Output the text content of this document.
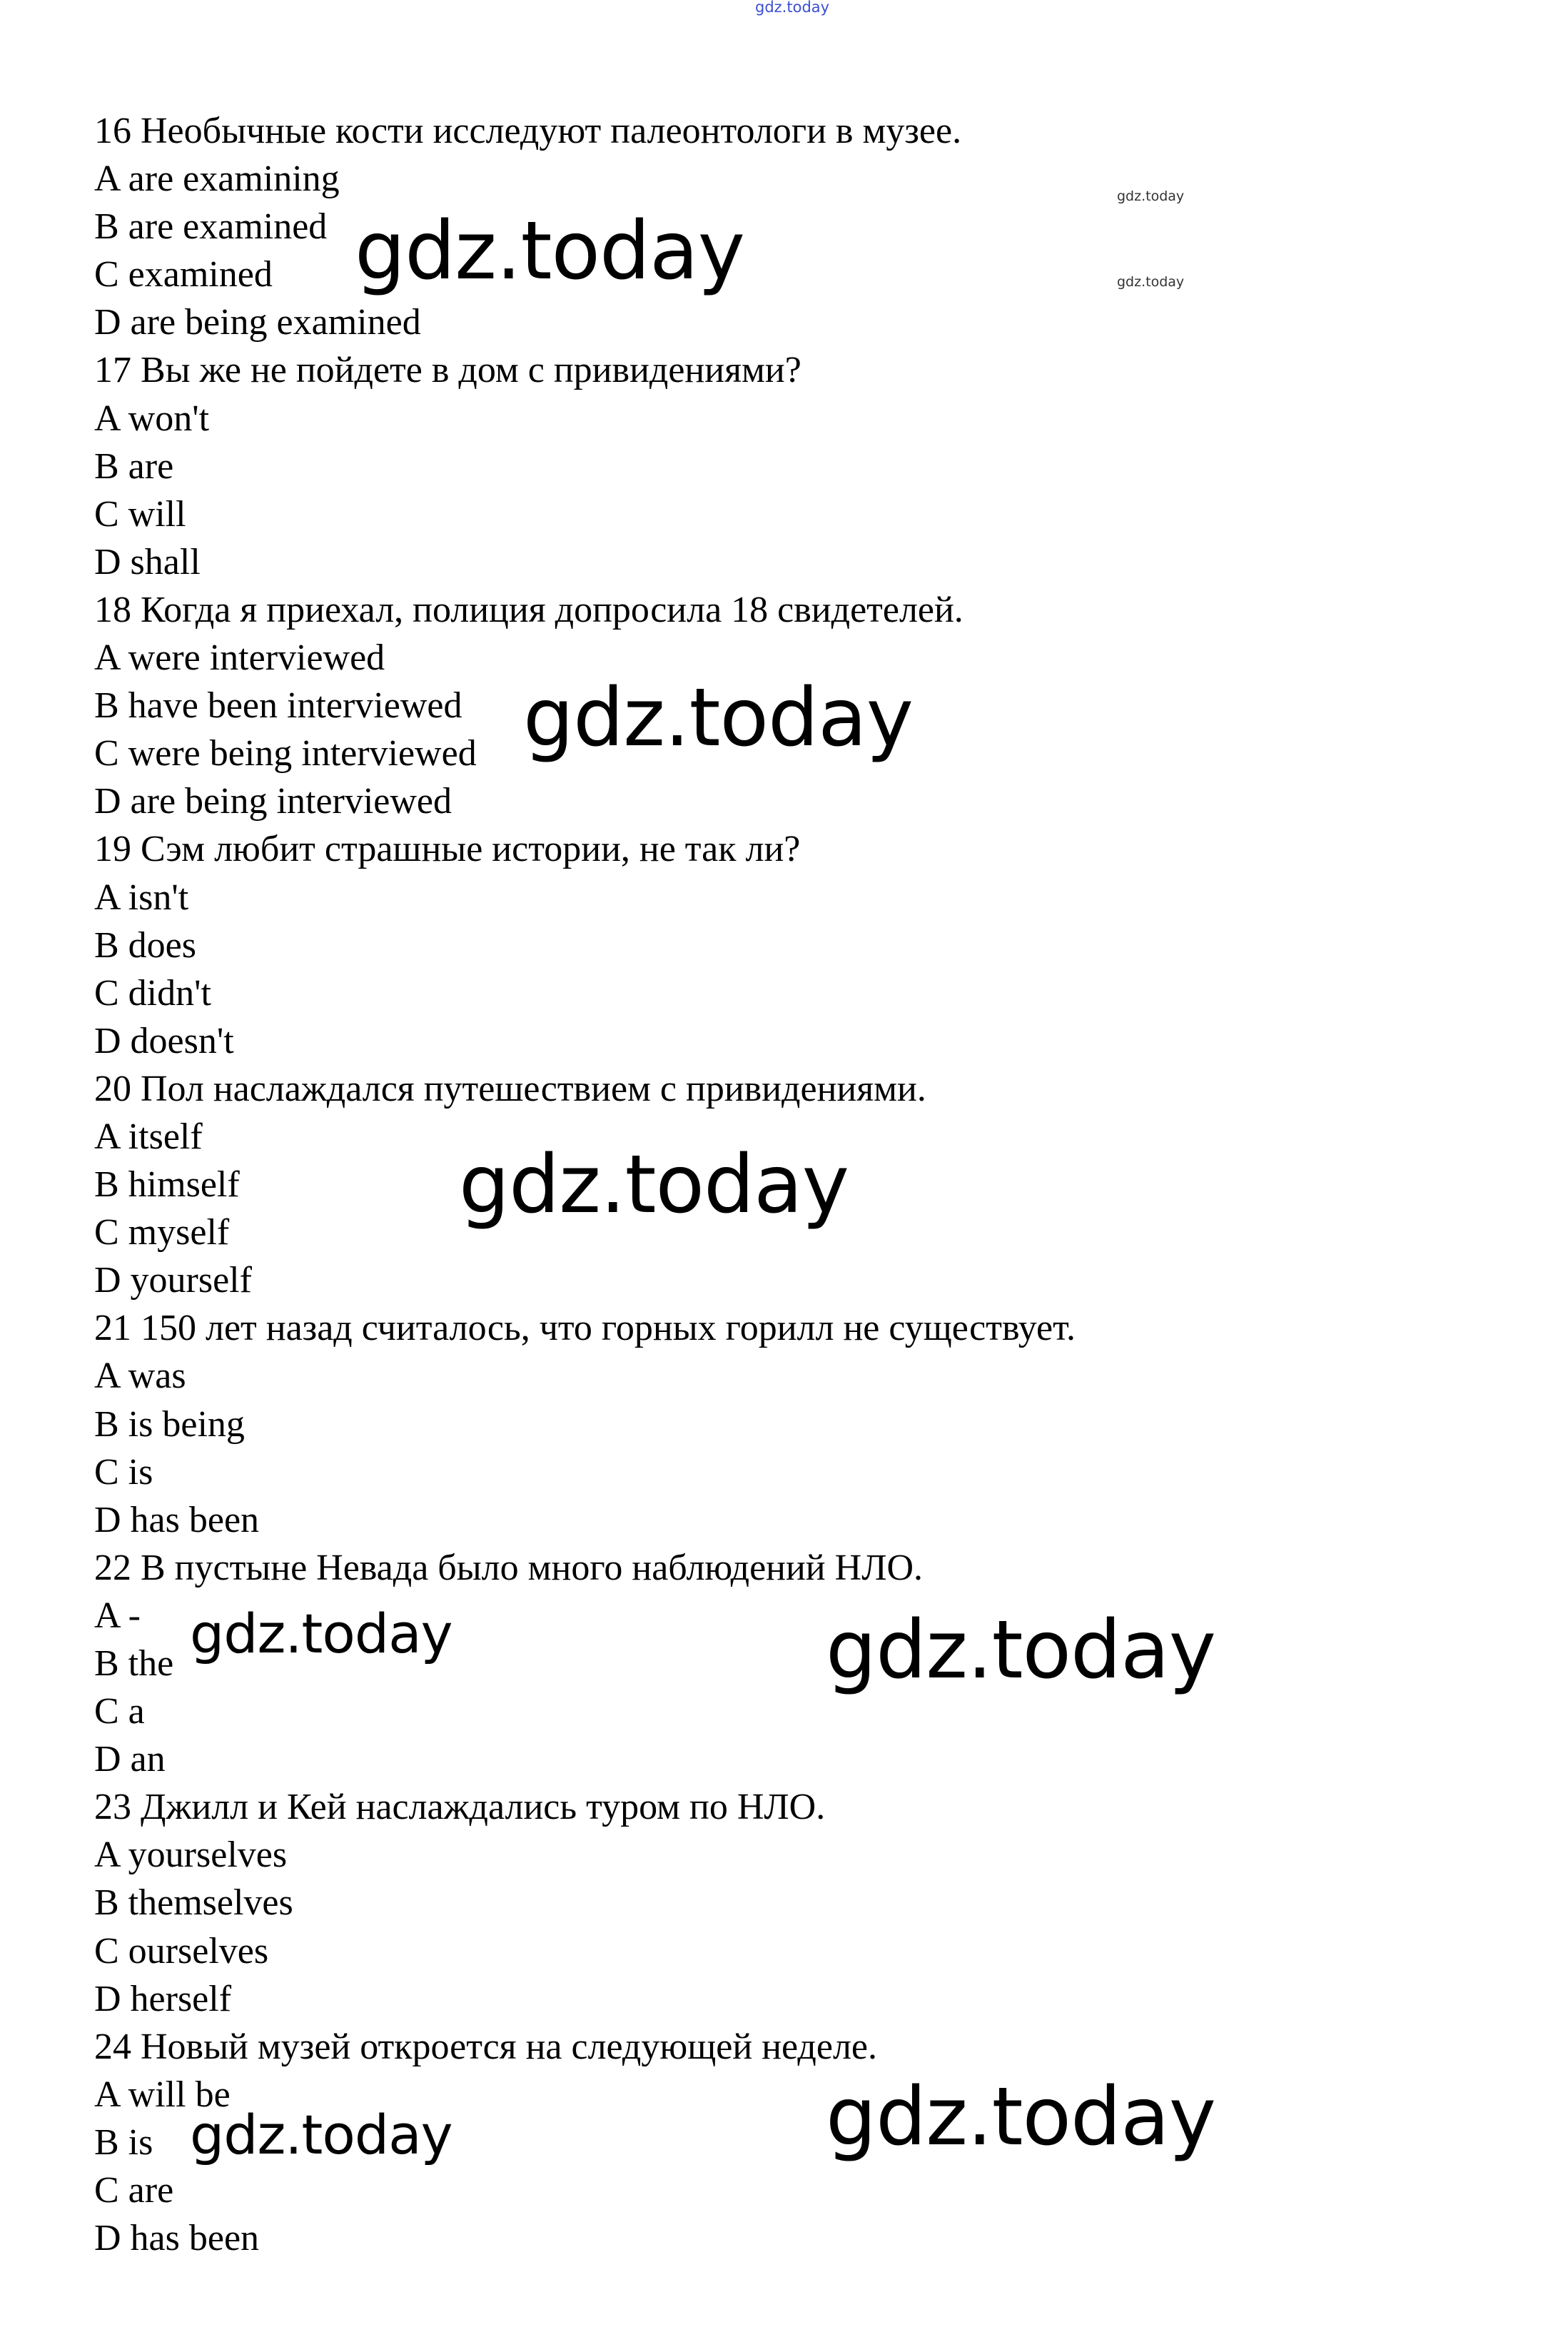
gdz.today
gdz.today
gdz.today
16 Необычные кости исследуют палеонтологи в музее.
A are examining
B are examined
C examined
D are being examined
17 Вы же не пойдете в дом с привидениями?
A won't
B are
C will
D shall
18 Когда я приехал, полиция допросила 18 свидетелей.
A were interviewed
B have been interviewed
C were being interviewed
D are being interviewed
19 Сэм любит страшные истории, не так ли?
A isn't
B does
C didn't
D doesn't
20 Пол наслаждался путешествием с привидениями.
A itself
B himself
C myself
D yourself
21 150 лет назад считалось, что горных горилл не существует.
A was
B is being
C is
D has been
22 В пустыне Невада было много наблюдений НЛО.
A -
B the
C a
D an
23 Джилл и Кей наслаждались туром по НЛО.
A yourselves
B themselves
C ourselves
D herself
24 Новый музей откроется на следующей неделе.
A will be
B is
C are
D has been
gdz.today
gdz.today
gdz.today
gdz.today	gdz.today
gdz.today	gdz.today
